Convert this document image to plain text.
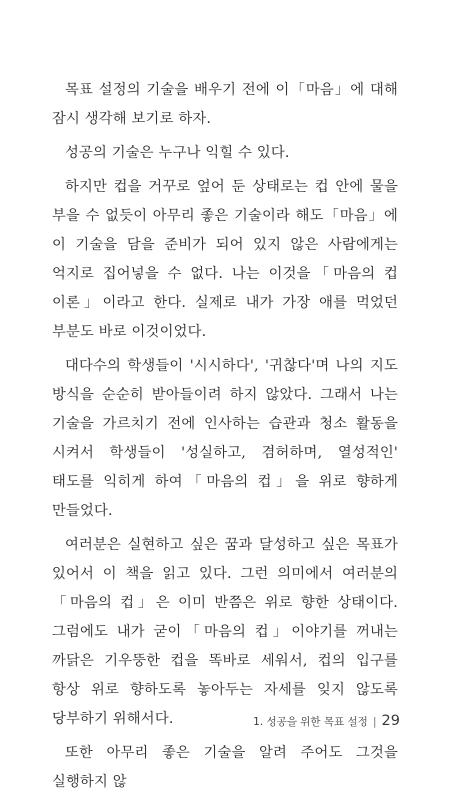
목표 설정의 기술을 배우기 전에 이「마음」에 대해 잠시 생각해 보기로 하자.

성공의 기술은 누구나 익힐 수 있다.

하지만 컵을 거꾸로 엎어 둔 상태로는 컵 안에 물을 부을 수 없듯이 아무리 좋은 기술이라 해도「마음」에 이 기술을 담을 준비가 되어 있지 않은 사람에게는 억지로 집어넣을 수 없다. 나는 이것을「마음의 컵 이론」이라고 한다. 실제로 내가 가장 애를 먹었던 부분도 바로 이것이었다.

대다수의 학생들이 '시시하다', '귀찮다'며 나의 지도 방식을 순순히 받아들이려 하지 않았다. 그래서 나는 기술을 가르치기 전에 인사하는 습관과 청소 활동을 시켜서 학생들이 '성실하고, 겸허하며, 열성적인' 태도를 익히게 하여「마음의 컵」을 위로 향하게 만들었다.

여러분은 실현하고 싶은 꿈과 달성하고 싶은 목표가 있어서 이 책을 읽고 있다. 그런 의미에서 여러분의「마음의 컵」은 이미 반쯤은 위로 향한 상태이다. 그럼에도 내가 굳이「마음의 컵」이야기를 꺼내는 까닭은 기우뚱한 컵을 똑바로 세워서, 컵의 입구를 항상 위로 향하도록 놓아두는 자세를 잊지 않도록 당부하기 위해서다.

또한 아무리 좋은 기술을 알려 주어도 그것을 실행하지 않

1. 성공을 위한 목표 설정 | 29
